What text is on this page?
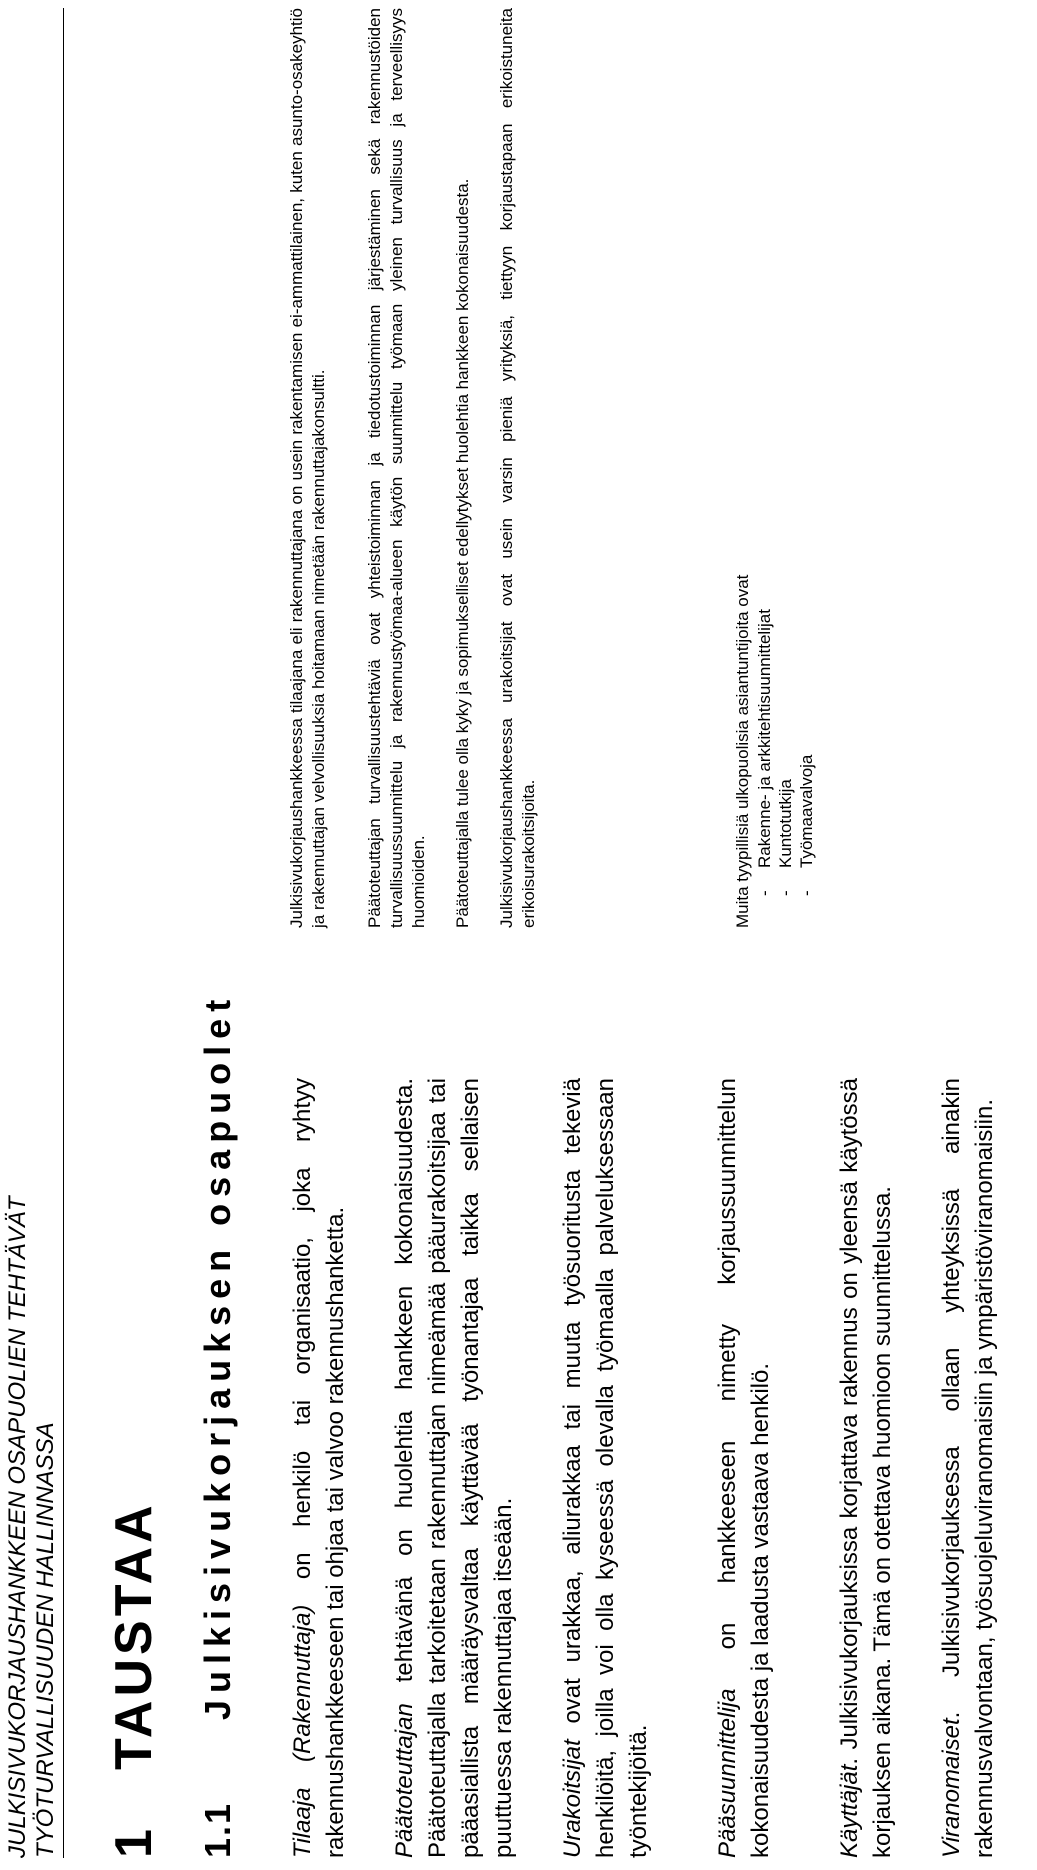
JULKISIVUKORJAUSHANKKEEN OSAPUOLIEN TEHTÄVÄT TYÖTURVALLISUUDEN HALLINNASSA 1TAUSTAA
1.1Julkisivukorjauksen osapuolet

Tilaaja (Rakennuttaja) on henkilö tai organisaatio, joka ryhtyy rakennushankkeeseen tai ohjaa tai valvoo rakennushanketta. Päätoteuttajan tehtävänä on huolehtia hankkeen kokonaisuudesta. Päätoteuttajalla tarkoitetaan rakennuttajan nimeämää pääurakoitsijaa tai pääasiallista määräysvaltaa käyttävää työnantajaa taikka sellaisen puuttuessa rakennuttajaa itseään. Urakoitsijat ovat urakkaa, aliurakkaa tai muuta työsuoritusta tekeviä henkilöitä, joilla voi olla kyseessä olevalla työmaalla palveluksessaan työntekijöitä.	Pääsuunnittelija on hankkeeseen nimetty korjaussuunnittelun kokonaisuudesta ja laadusta vastaava henkilö.	Käyttäjät. Julkisivukorjauksissa korjattava rakennus on yleensä käytössä korjauksen aikana. Tämä on otettava huomioon suunnittelussa. Viranomaiset. Julkisivukorjauksessa ollaan yhteyksissä ainakin rakennusvalvontaan, työsuojeluviranomaisiin ja ympäristöviranomaisiin.

Julkisivukorjaushankkeessa tilaajana eli rakennuttajana on usein rakentamisen ei-ammattilainen, kuten asunto-osakeyhtiö ja rakennuttajan velvollisuuksia hoitamaan nimetään rakennuttajakonsultti. Päätoteuttajan turvallisuustehtäviä ovat yhteistoiminnan ja tiedotustoiminnan järjestäminen sekä rakennustöiden turvallisuussuunnittelu ja rakennustyömaa-alueen käytön suunnittelu työmaan yleinen turvallisuus ja terveellisyys huomioiden. Päätoteuttajalla tulee olla kyky ja sopimukselliset edellytykset huolehtia hankkeen kokonaisuudesta. Julkisivukorjaushankkeessa urakoitsijat ovat usein varsin pieniä yrityksiä, tiettyyn korjaustapaan erikoistuneita erikoisurakoitsijoita.	Muita tyypillisiä ulkopuolisia asiantuntijoita ovat -Rakenne- ja arkkitehtisuunnittelijat
-Kuntotutkija
-Työmaavalvoja
